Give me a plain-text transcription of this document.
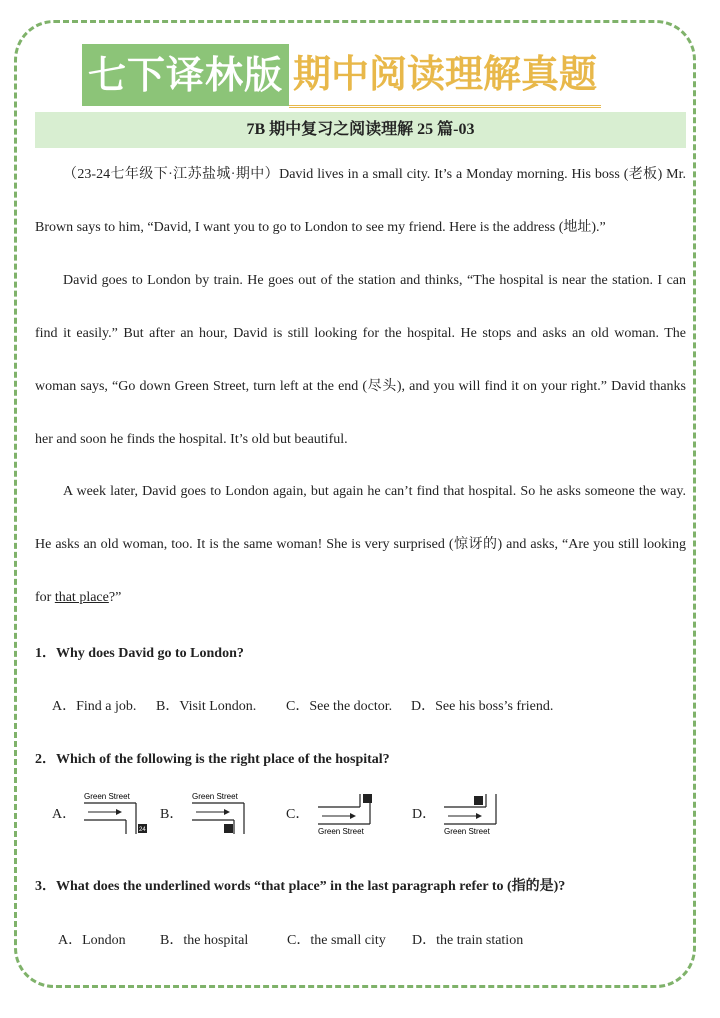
七下译林版 期中阅读理解真题
7B 期中复习之阅读理解 25 篇-03
（23-24七年级下·江苏盐城·期中）David lives in a small city. It’s a Monday morning. His boss (老板) Mr. Brown says to him, “David, I want you to go to London to see my friend. Here is the address (地址).”
David goes to London by train. He goes out of the station and thinks, “The hospital is near the station. I can find it easily.” But after an hour, David is still looking for the hospital. He stops and asks an old woman. The woman says, “Go down Green Street, turn left at the end (尽头), and you will find it on your right.” David thanks her and soon he finds the hospital. It’s old but beautiful.
A week later, David goes to London again, but again he can’t find that hospital. So he asks someone the way. He asks an old woman, too. It is the same woman! She is very surprised (惊讶的) and asks, “Are you still looking for that place?”
1．Why does David go to London?
A．Find a job.	B．Visit London.	C．See the doctor.	D．See his boss’s friend.
2．Which of the following is the right place of the hospital?
A．
Green Street
24
B．
Green Street
C．
Green Street
D．
Green Street
3．What does the underlined words “that place” in the last paragraph refer to (指的是)?
A．London	B．the hospital	C．the small city	D．the train station
